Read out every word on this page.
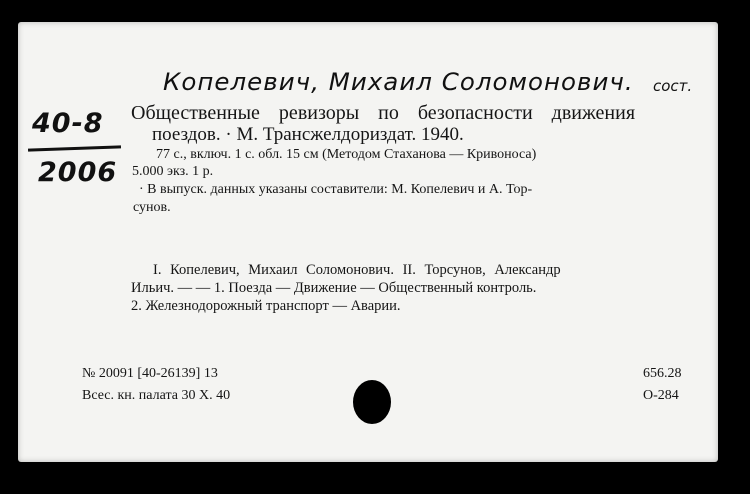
Копелевич, Михаил Соломонович. сост.
40-8
2006
Общественные ревизоры по безопасности движения
поездов. · М. Трансжелдориздат. 1940.
77 с., включ. 1 с. обл. 15 см (Методом Стаханова — Кривоноса)
5.000 экз. 1 р.
· В выпуск. данных указаны составители: М. Копелевич и А. Тор-
сунов.
I. Копелевич, Михаил Соломонович. II. Торсунов, Александр
Ильич. — — 1. Поезда — Движение — Общественный контроль.
2. Железнодорожный транспорт — Аварии.
№ 20091 [40-26139] 13
Всес. кн. палата 30 X. 40
656.28
О-284
